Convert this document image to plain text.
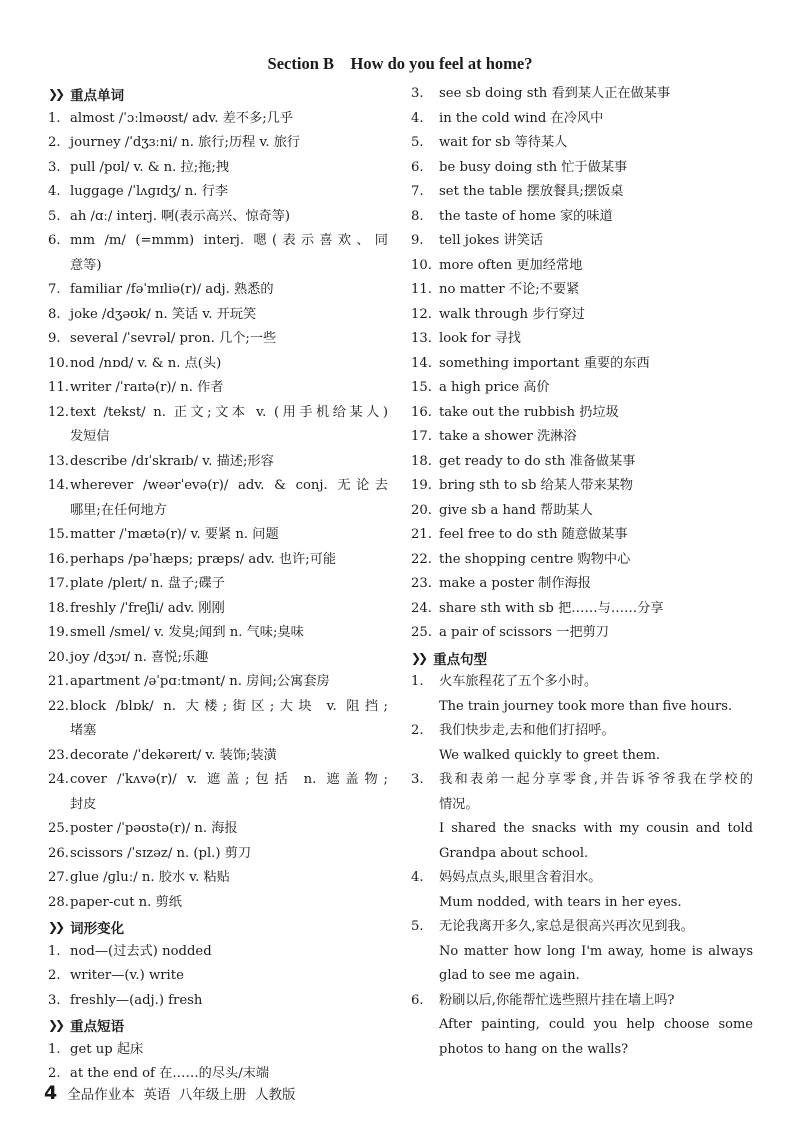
Section B    How do you feel at home?
❯❯ 重点单词
1. almost /ˈɔːlməʊst/ adv. 差不多;几乎
2. journey /ˈdʒɜːni/ n. 旅行;历程 v. 旅行
3. pull /pʊl/ v. & n. 拉;拖;拽
4. luggage /ˈlʌɡɪdʒ/ n. 行李
5. ah /ɑː/ interj. 啊(表示高兴、惊奇等)
6. mm /m/ (=mmm) interj. 嗯(表示喜欢、同
意等)
7. familiar /fəˈmɪliə(r)/ adj. 熟悉的
8. joke /dʒəʊk/ n. 笑话 v. 开玩笑
9. several /ˈsevrəl/ pron. 几个;一些
10. nod /nɒd/ v. & n. 点(头)
11. writer /ˈraɪtə(r)/ n. 作者
12. text /tekst/ n. 正文;文本 v. (用手机给某人)
发短信
13. describe /dɪˈskraɪb/ v. 描述;形容
14. wherever /weərˈevə(r)/ adv. & conj. 无论去
哪里;在任何地方
15. matter /ˈmætə(r)/ v. 要紧 n. 问题
16. perhaps /pəˈhæps; præps/ adv. 也许;可能
17. plate /pleɪt/ n. 盘子;碟子
18. freshly /ˈfreʃli/ adv. 刚刚
19. smell /smel/ v. 发臭;闻到 n. 气味;臭味
20. joy /dʒɔɪ/ n. 喜悦;乐趣
21. apartment /əˈpɑːtmənt/ n. 房间;公寓套房
22. block /blɒk/ n. 大楼;街区;大块 v. 阻挡;
堵塞
23. decorate /ˈdekəreɪt/ v. 装饰;装潢
24. cover /ˈkʌvə(r)/ v. 遮盖;包括 n. 遮盖物;
封皮
25. poster /ˈpəʊstə(r)/ n. 海报
26. scissors /ˈsɪzəz/ n. (pl.) 剪刀
27. glue /ɡluː/ n. 胶水 v. 粘贴
28. paper-cut n. 剪纸
❯❯ 词形变化
1. nod—(过去式) nodded
2. writer—(v.) write
3. freshly—(adj.) fresh
❯❯ 重点短语
1. get up 起床
2. at the end of 在……的尽头/末端
3.	see sb doing sth 看到某人正在做某事
4.	in the cold wind 在冷风中
5.	wait for sb 等待某人
6.	be busy doing sth 忙于做某事
7.	set the table 摆放餐具;摆饭桌
8.	the taste of home 家的味道
9.	tell jokes 讲笑话
10. more often 更加经常地
11. no matter 不论;不要紧
12. walk through 步行穿过
13. look for 寻找
14. something important 重要的东西
15. a high price 高价
16. take out the rubbish 扔垃圾
17. take a shower 洗淋浴
18. get ready to do sth 准备做某事
19. bring sth to sb 给某人带来某物
20. give sb a hand 帮助某人
21. feel free to do sth 随意做某事
22. the shopping centre 购物中心
23. make a poster 制作海报
24. share sth with sb 把……与……分享
25. a pair of scissors 一把剪刀
❯❯ 重点句型
1.	火车旅程花了五个多小时。
The train journey took more than five hours.
2.	我们快步走,去和他们打招呼。
We walked quickly to greet them.
3.	我和表弟一起分享零食,并告诉爷爷我在学校的
情况。
I shared the snacks with my cousin and told
Grandpa about school.
4.	妈妈点点头,眼里含着泪水。
Mum nodded, with tears in her eyes.
5.	无论我离开多久,家总是很高兴再次见到我。
No matter how long I'm away, home is always
glad to see me again.
6.	粉刷以后,你能帮忙选些照片挂在墙上吗?
After painting, could you help choose some
photos to hang on the walls?
4 全品作业本  英语  八年级上册  人教版
